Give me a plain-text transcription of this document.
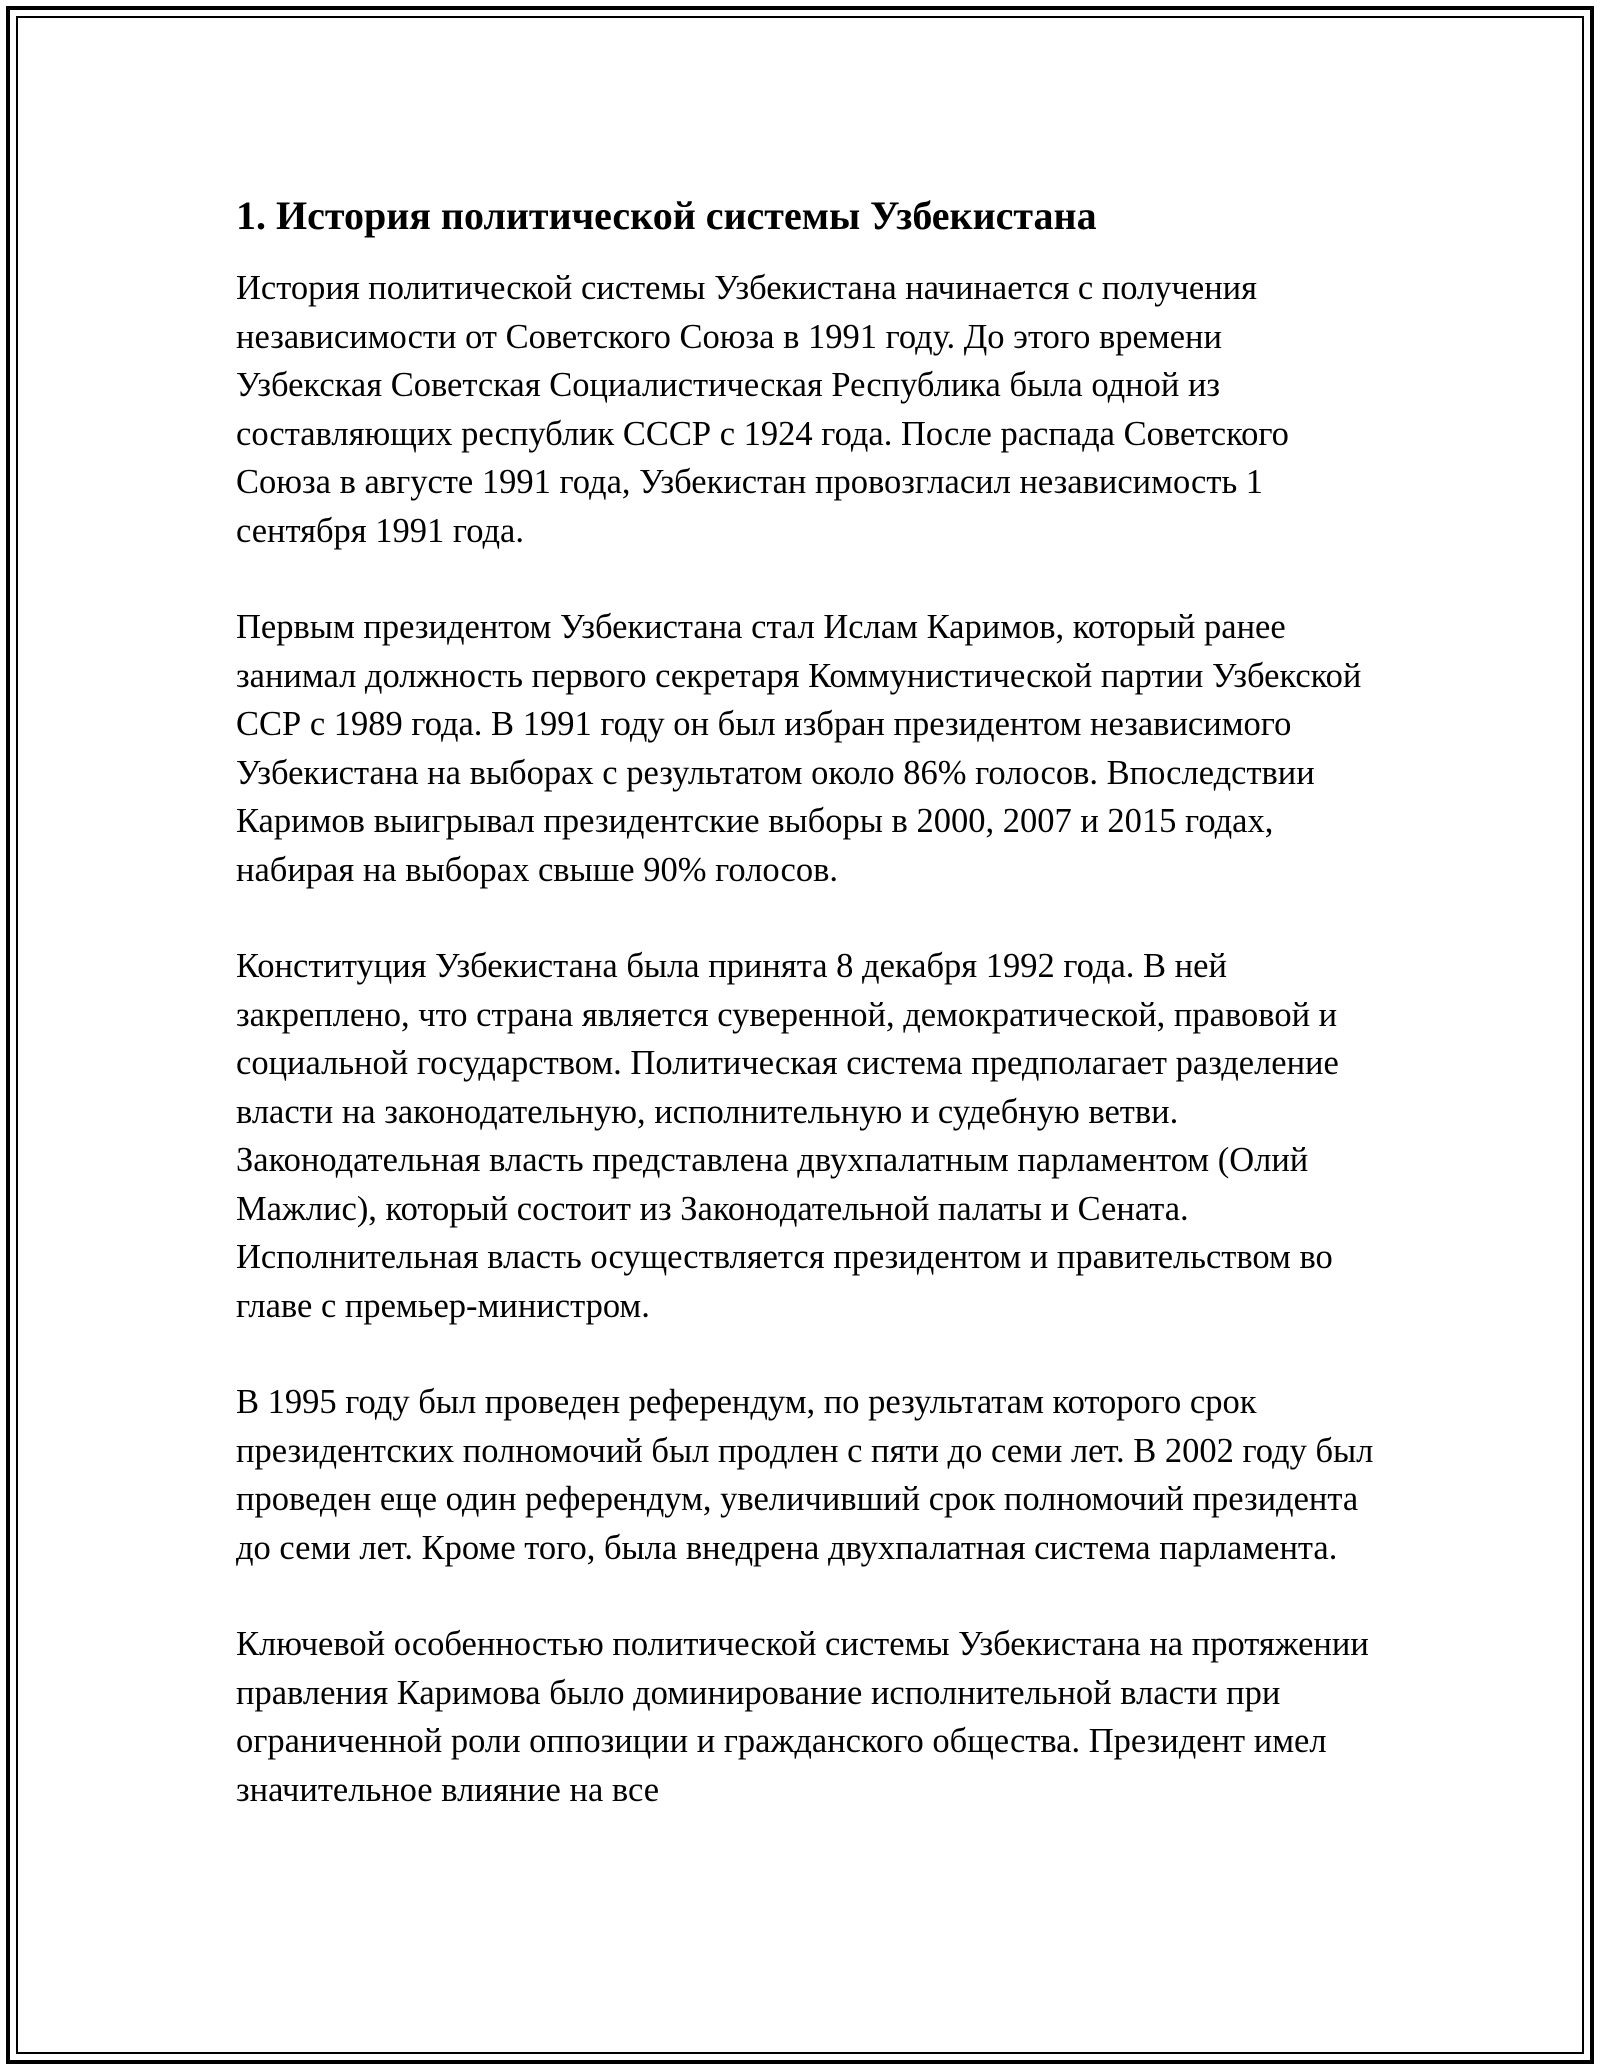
1. История политической системы Узбекистана

История политической системы Узбекистана начинается с получения независимости от Советского Союза в 1991 году. До этого времени Узбекская Советская Социалистическая Республика была одной из составляющих республик СССР с 1924 года. После распада Советского Союза в августе 1991 года, Узбекистан провозгласил независимость 1 сентября 1991 года.

Первым президентом Узбекистана стал Ислам Каримов, который ранее занимал должность первого секретаря Коммунистической партии Узбекской ССР с 1989 года. В 1991 году он был избран президентом независимого Узбекистана на выборах с результатом около 86% голосов. Впоследствии Каримов выигрывал президентские выборы в 2000, 2007 и 2015 годах, набирая на выборах свыше 90% голосов.

Конституция Узбекистана была принята 8 декабря 1992 года. В ней закреплено, что страна является суверенной, демократической, правовой и социальной государством. Политическая система предполагает разделение власти на законодательную, исполнительную и судебную ветви. Законодательная власть представлена двухпалатным парламентом (Олий Мажлис), который состоит из Законодательной палаты и Сената. Исполнительная власть осуществляется президентом и правительством во главе с премьер-министром.

В 1995 году был проведен референдум, по результатам которого срок президентских полномочий был продлен с пяти до семи лет. В 2002 году был проведен еще один референдум, увеличивший срок полномочий президента до семи лет. Кроме того, была внедрена двухпалатная система парламента.

Ключевой особенностью политической системы Узбекистана на протяжении правления Каримова было доминирование исполнительной власти при ограниченной роли оппозиции и гражданского общества. Президент имел значительное влияние на все
